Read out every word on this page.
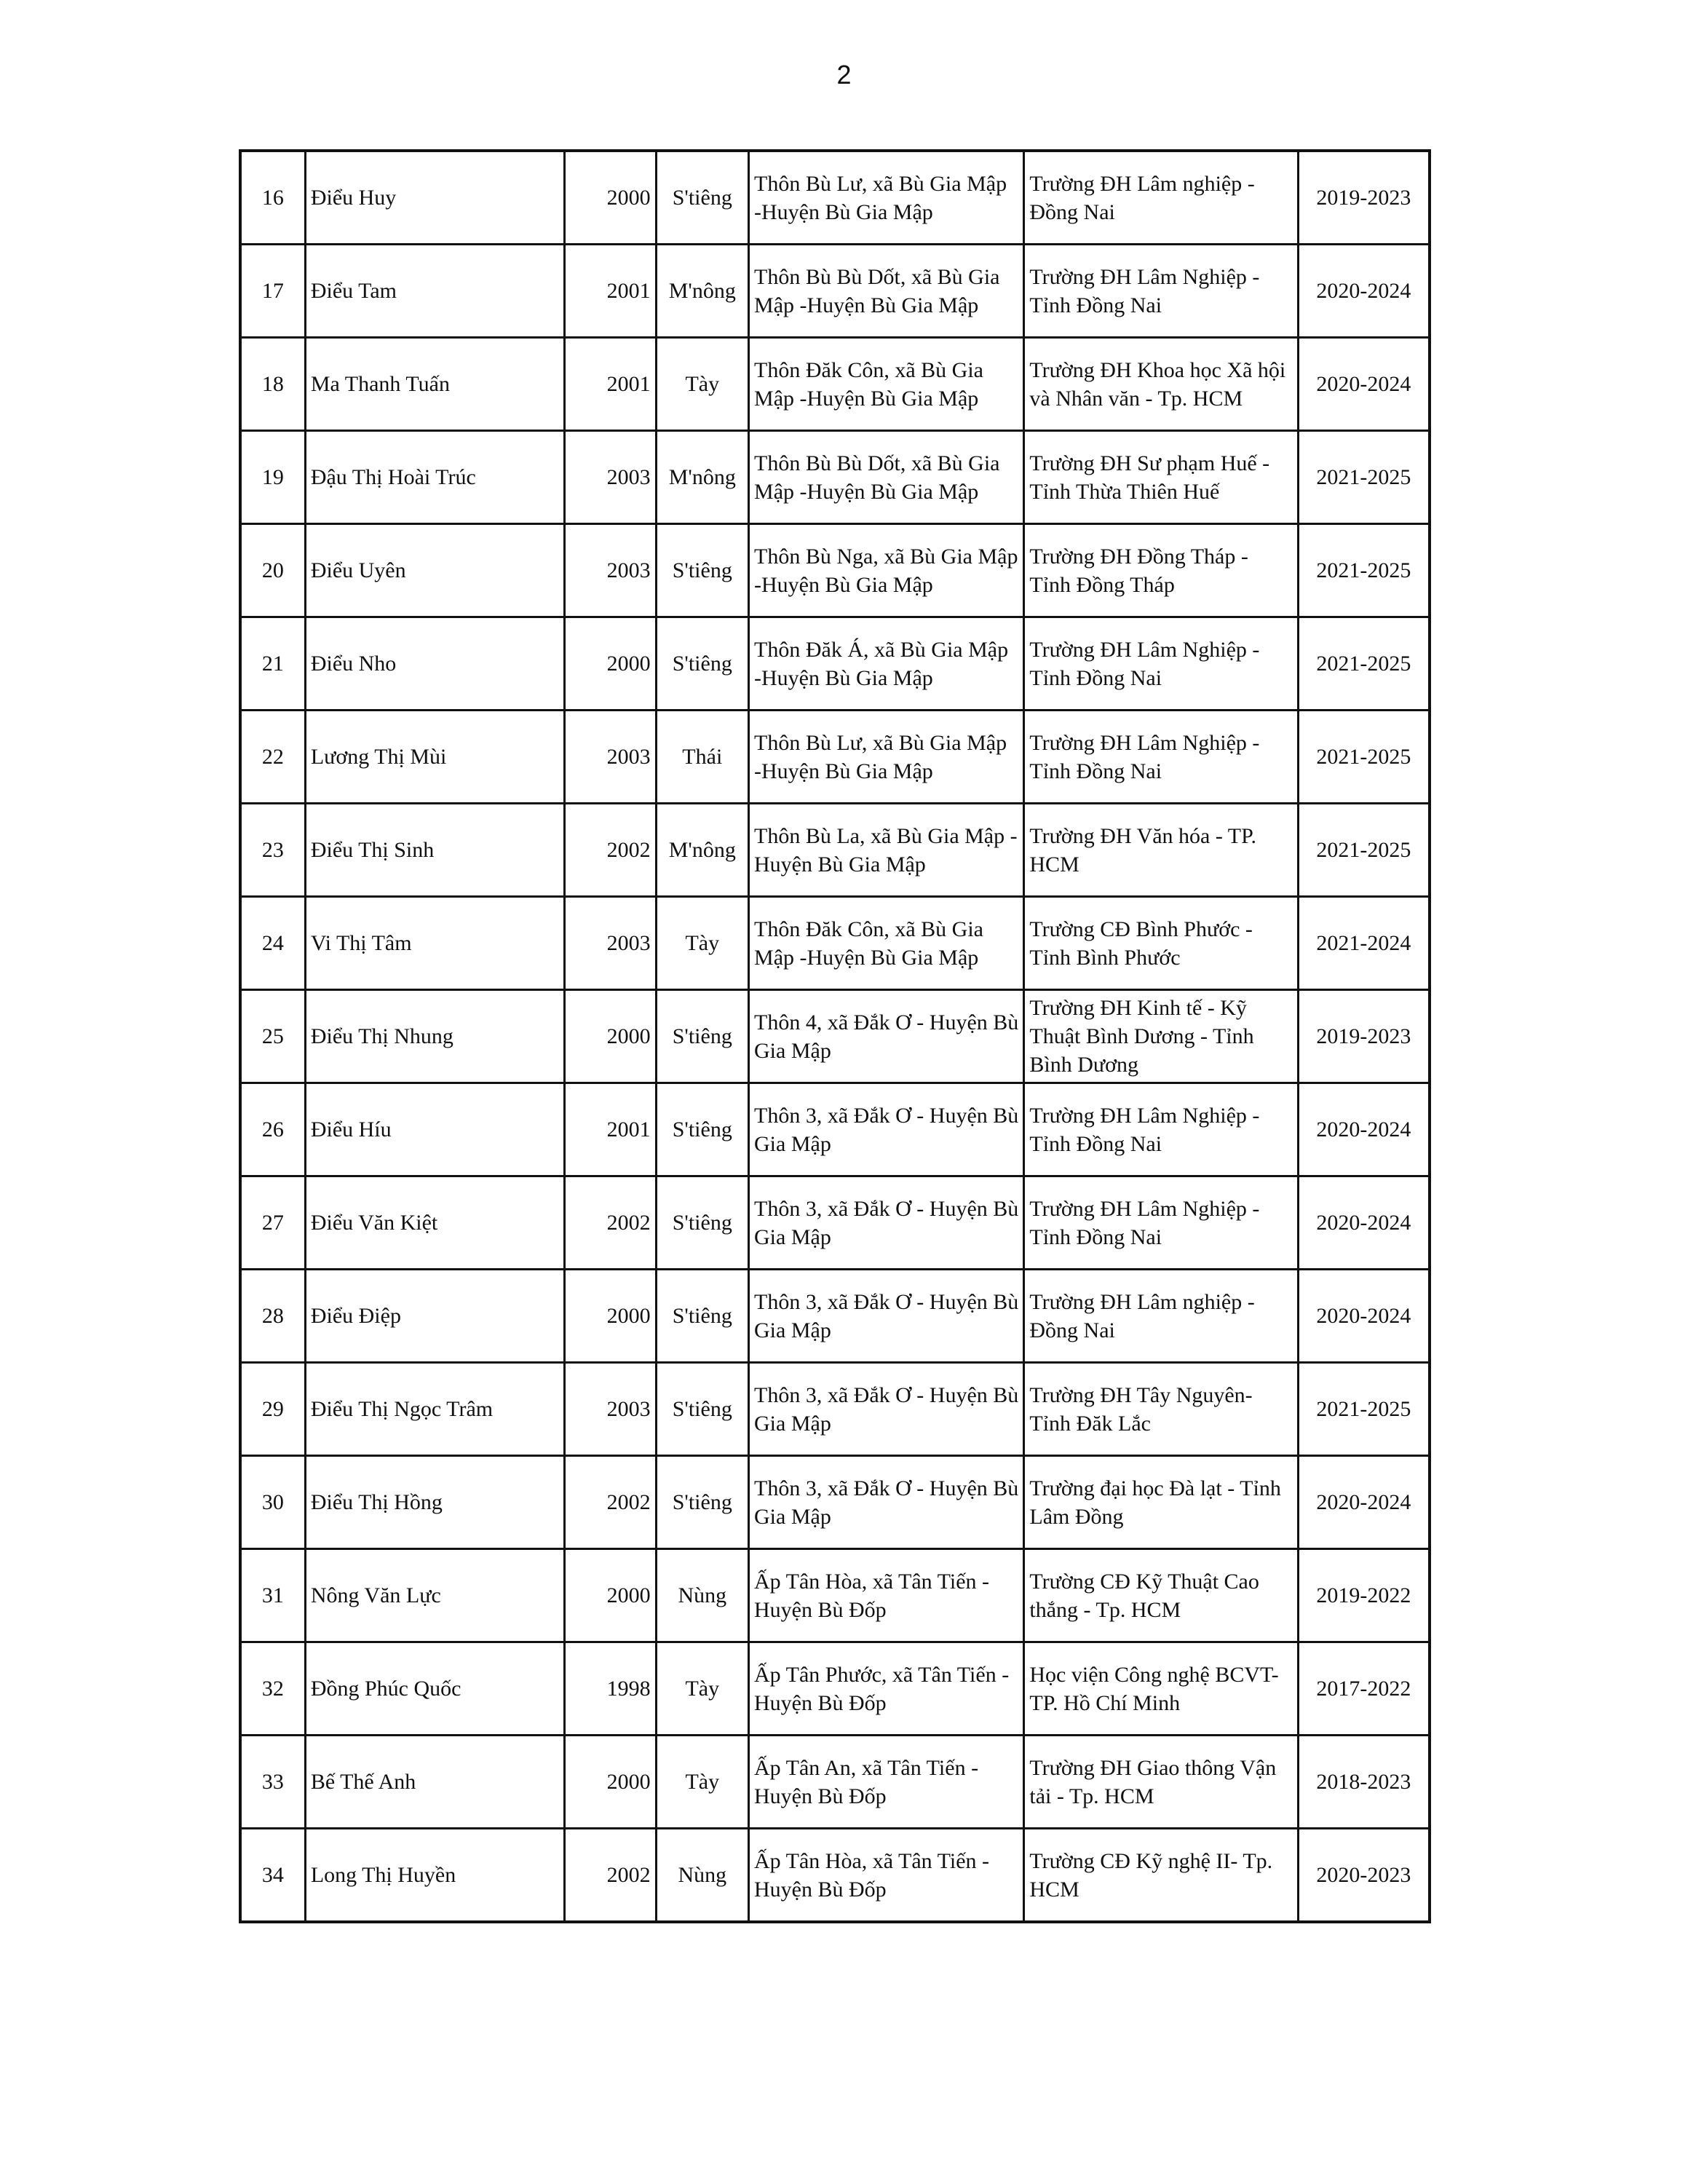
2
16	Điểu Huy	2000	S'tiêng	Thôn Bù Lư, xã Bù Gia Mập -Huyện Bù Gia Mập	Trường ĐH Lâm nghiệp - Đồng Nai	2019-2023
17	Điểu Tam	2001	M'nông	Thôn Bù Bù Dốt, xã Bù Gia Mập -Huyện Bù Gia Mập	Trường ĐH Lâm Nghiệp - Tỉnh Đồng Nai	2020-2024
18	Ma Thanh Tuấn	2001	Tày	Thôn Đăk Côn, xã Bù Gia Mập -Huyện Bù Gia Mập	Trường ĐH Khoa học Xã hội và Nhân văn - Tp. HCM	2020-2024
19	Đậu Thị Hoài Trúc	2003	M'nông	Thôn Bù Bù Dốt, xã Bù Gia Mập -Huyện Bù Gia Mập	Trường ĐH Sư phạm Huế - Tỉnh Thừa Thiên Huế	2021-2025
20	Điểu Uyên	2003	S'tiêng	Thôn Bù Nga, xã Bù Gia Mập -Huyện Bù Gia Mập	Trường ĐH Đồng Tháp - Tỉnh Đồng Tháp	2021-2025
21	Điểu Nho	2000	S'tiêng	Thôn Đăk Á, xã Bù Gia Mập -Huyện Bù Gia Mập	Trường ĐH Lâm Nghiệp - Tỉnh Đồng Nai	2021-2025
22	Lương Thị Mùi	2003	Thái	Thôn Bù Lư, xã Bù Gia Mập -Huyện Bù Gia Mập	Trường ĐH Lâm Nghiệp - Tỉnh Đồng Nai	2021-2025
23	Điểu Thị Sinh	2002	M'nông	Thôn Bù La, xã Bù Gia Mập - Huyện Bù Gia Mập	Trường ĐH Văn hóa - TP. HCM	2021-2025
24	Vi Thị Tâm	2003	Tày	Thôn Đăk Côn, xã Bù Gia Mập -Huyện Bù Gia Mập	Trường CĐ Bình Phước - Tỉnh Bình Phước	2021-2024
25	Điểu Thị Nhung	2000	S'tiêng	Thôn 4, xã Đắk Ơ - Huyện Bù Gia Mập	Trường ĐH Kinh tế - Kỹ Thuật Bình Dương - Tỉnh Bình Dương	2019-2023
26	Điểu Híu	2001	S'tiêng	Thôn 3, xã Đắk Ơ - Huyện Bù Gia Mập	Trường ĐH Lâm Nghiệp - Tỉnh Đồng Nai	2020-2024
27	Điểu Văn Kiệt	2002	S'tiêng	Thôn 3, xã Đắk Ơ - Huyện Bù Gia Mập	Trường ĐH Lâm Nghiệp - Tỉnh Đồng Nai	2020-2024
28	Điểu Điệp	2000	S'tiêng	Thôn 3, xã Đắk Ơ - Huyện Bù Gia Mập	Trường ĐH Lâm nghiệp - Đồng Nai	2020-2024
29	Điểu Thị Ngọc Trâm	2003	S'tiêng	Thôn 3, xã Đắk Ơ - Huyện Bù Gia Mập	Trường ĐH Tây Nguyên- Tỉnh Đăk Lắc	2021-2025
30	Điểu Thị Hồng	2002	S'tiêng	Thôn 3, xã Đắk Ơ - Huyện Bù Gia Mập	Trường đại học Đà lạt - Tỉnh Lâm Đồng	2020-2024
31	Nông Văn Lực	2000	Nùng	Ấp Tân Hòa, xã Tân Tiến - Huyện Bù Đốp	Trường CĐ Kỹ Thuật Cao thắng - Tp. HCM	2019-2022
32	Đồng Phúc Quốc	1998	Tày	Ấp Tân Phước, xã Tân Tiến - Huyện Bù Đốp	Học viện Công nghệ BCVT- TP. Hồ Chí Minh	2017-2022
33	Bế Thế Anh	2000	Tày	Ấp Tân An, xã Tân Tiến - Huyện Bù Đốp	Trường ĐH Giao thông Vận tải - Tp. HCM	2018-2023
34	Long Thị Huyền	2002	Nùng	Ấp Tân Hòa, xã Tân Tiến - Huyện Bù Đốp	Trường CĐ Kỹ nghệ II- Tp. HCM	2020-2023
